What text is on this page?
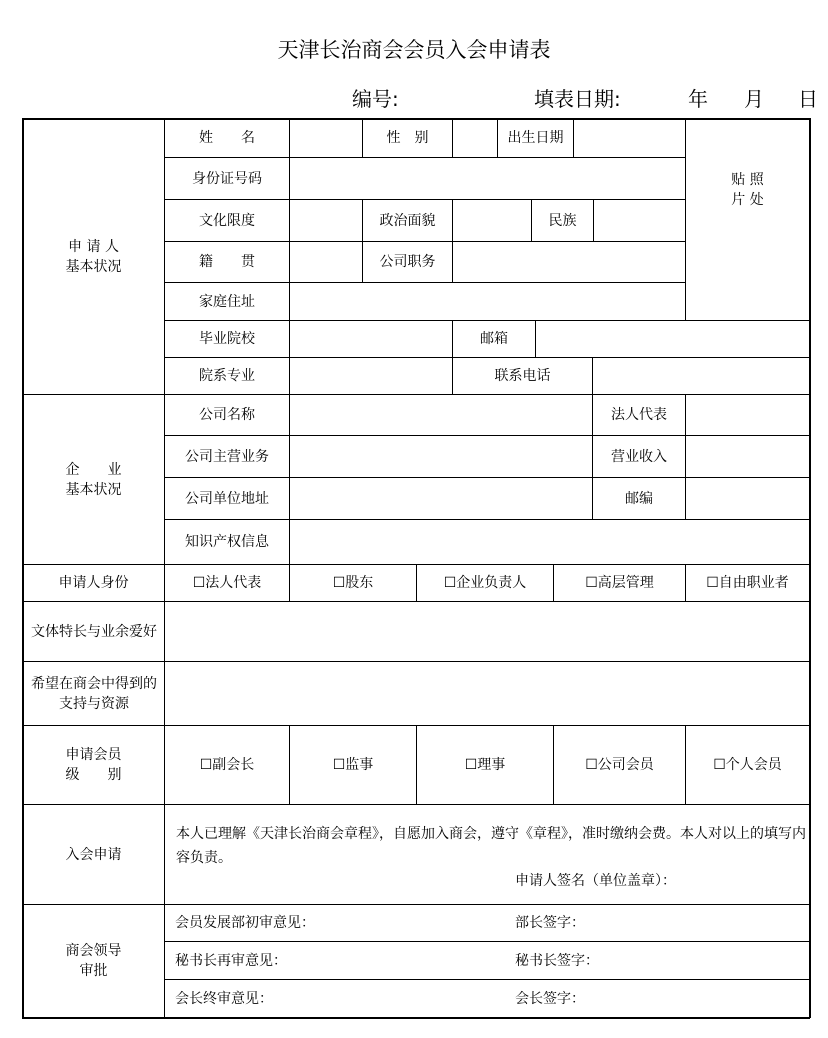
天津长治商会会员入会申请表
编号:	填表日期:	年 月 日
申 请 人
基本状况
姓　　名	性　别	出生日期
贴 照
片 处
身份证号码
文化限度	政治面貌	民族
籍　　贯	公司职务
家庭住址
毕业院校	邮箱
院系专业	联系电话
企　　业
基本状况
公司名称	法人代表
公司主营业务	营业收入
公司单位地址	邮编
知识产权信息
申请人身份	☐法人代表	☐股东	☐企业负责人	☐高层管理	☐自由职业者
文体特长与业余爱好
希望在商会中得到的支持与资源
申请会员
级　　别
☐副会长	☐监事	☐理事	☐公司会员	☐个人会员
入会申请
本人已理解《天津长治商会章程》，自愿加入商会，遵守《章程》，准时缴纳会费。本人对以上的填写内容负责。
申请人签名（单位盖章）：
商会领导
审批
会员发展部初审意见：	部长签字：
秘书长再审意见：	秘书长签字：
会长终审意见：	会长签字：
